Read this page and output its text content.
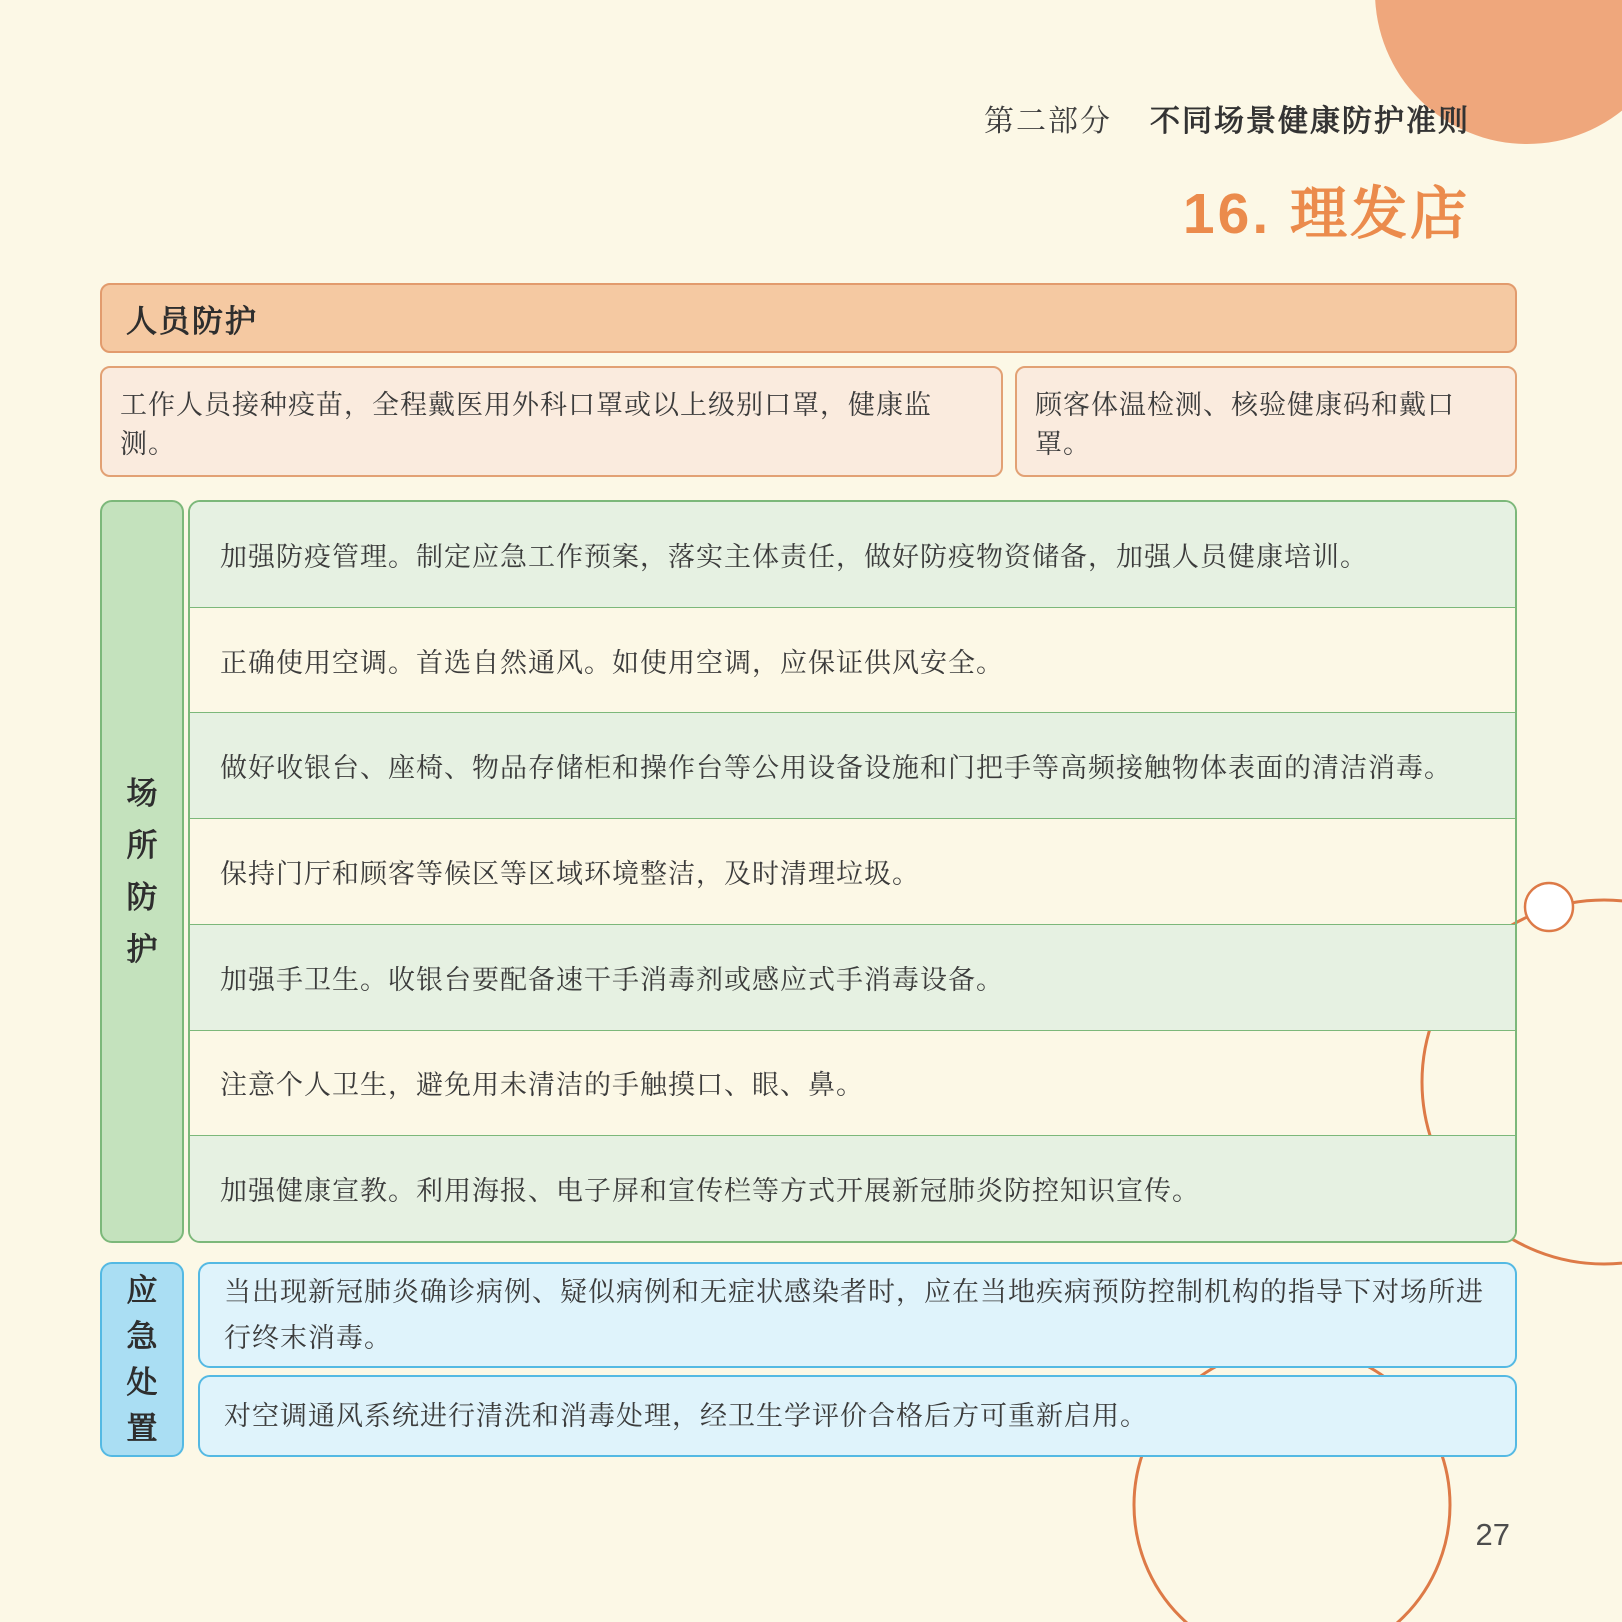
第二部分 不同场景健康防护准则
16. 理发店
人员防护
工作人员接种疫苗，全程戴医用外科口罩或以上级别口罩，健康监测。
顾客体温检测、核验健康码和戴口罩。
场
所
防
护
加强防疫管理。制定应急工作预案，落实主体责任，做好防疫物资储备，加强人员健康培训。
正确使用空调。首选自然通风。如使用空调，应保证供风安全。
做好收银台、座椅、物品存储柜和操作台等公用设备设施和门把手等高频接触物体表面的清洁消毒。
保持门厅和顾客等候区等区域环境整洁，及时清理垃圾。
加强手卫生。收银台要配备速干手消毒剂或感应式手消毒设备。
注意个人卫生，避免用未清洁的手触摸口、眼、鼻。
加强健康宣教。利用海报、电子屏和宣传栏等方式开展新冠肺炎防控知识宣传。
应
急
处
置
当出现新冠肺炎确诊病例、疑似病例和无症状感染者时，应在当地疾病预防控制机构的指导下对场所进行终末消毒。
对空调通风系统进行清洗和消毒处理，经卫生学评价合格后方可重新启用。
27
